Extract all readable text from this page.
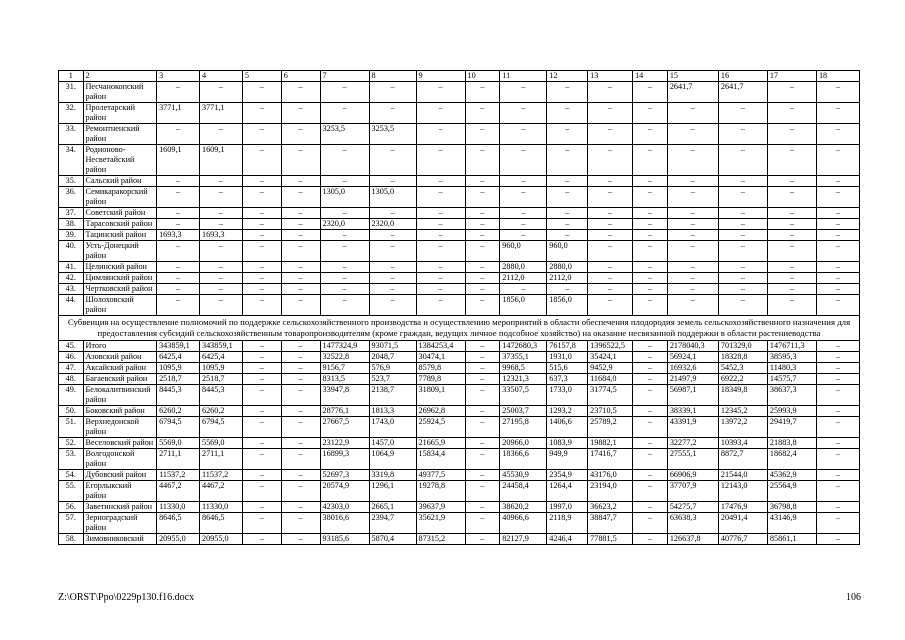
1	2	3	4	5	6	7	8	9	10	11	12	13	14	15	16	17	18
31.	Песчанокопский район	–	–	–	–	–	–	–	–	–	–	–	–	2641,7	2641,7	–	–
32.	Пролетарский район	3771,1	3771,1	–	–	–	–	–	–	–	–	–	–	–	–	–	–
33.	Ремонтненский район	–	–	–	–	3253,5	3253,5	–	–	–	–	–	–	–	–	–	–
34.	Родионово-Несветайский район	1609,1	1609,1	–	–	–	–	–	–	–	–	–	–	–	–	–	–
35.	Сальский район	–	–	–	–	–	–	–	–	–	–	–	–	–	–	–	–
36.	Семикаракорский район	–	–	–	–	1305,0	1305,0	–	–	–	–	–	–	–	–	–	–
37.	Советский район	–	–	–	–	–	–	–	–	–	–	–	–	–	–	–	–
38.	Тарасовский район	–	–	–	–	2320,0	2320,0	–	–	–	–	–	–	–	–	–	–
39.	Тацинский район	1693,3	1693,3	–	–	–	–	–	–	–	–	–	–	–	–	–	–
40.	Усть-Донецкий район	–	–	–	–	–	–	–	–	960,0	960,0	–	–	–	–	–	–
41.	Целинский район	–	–	–	–	–	–	–	–	2880,0	2880,0	–	–	–	–	–	–
42.	Цимлянский район	–	–	–	–	–	–	–	–	2112,0	2112,0	–	–	–	–	–	–
43.	Чертковский район	–	–	–	–	–	–	–	–	–	–	–	–	–	–	–	–
44.	Шолоховский район	–	–	–	–	–	–	–	–	1856,0	1856,0	–	–	–	–	–	–
Субвенция на осуществление полномочий по поддержке сельскохозяйственного производства и осуществлению мероприятий в области обеспечения плодородия земель сельскохозяйственного назначения для предоставления субсидий сельскохозяйственным товаропроизводителям (кроме граждан, ведущих личное подсобное хозяйство) на оказание несвязанной поддержки в области растениеводства																	
45.	Итого	343859,1	343859,1	–	–	1477324,9	93071,5	1384253,4	–	1472680,3	76157,8	1396522,5	–	2178040,3	701329,0	1476711,3	–
46.	Азовский район	6425,4	6425,4	–	–	32522,8	2048,7	30474,1	–	37355,1	1931,0	35424,1	–	56924,1	18328,8	38595,3	–
47.	Аксайский район	1095,9	1095,9	–	–	9156,7	576,9	8579,8	–	9968,5	515,6	9452,9	–	16932,6	5452,3	11480,3	–
48.	Багаевский район	2518,7	2518,7	–	–	8313,5	523,7	7789,8	–	12321,3	637,3	11684,0	–	21497,9	6922,2	14575,7	–
49.	Белокалитвинский район	8445,3	8445,3	–	–	33947,8	2138,7	31809,1	–	33507,5	1733,0	31774,5	–	56987,1	18349,8	38637,3	–
50.	Боковский район	6260,2	6260,2	–	–	28776,1	1813,3	26962,8	–	25003,7	1293,2	23710,5	–	38339,1	12345,2	25993,9	–
51.	Верхнедонской район	6794,5	6794,5	–	–	27667,5	1743,0	25924,5	–	27195,8	1406,6	25789,2	–	43391,9	13972,2	29419,7	–
52.	Веселовский район	5569,0	5569,0	–	–	23122,9	1457,0	21665,9	–	20966,0	1083,9	19882,1	–	32277,2	10393,4	21883,8	–
53.	Волгодонской район	2711,1	2711,1	–	–	16899,3	1064,9	15834,4	–	18366,6	949,9	17416,7	–	27555,1	8872,7	18682,4	–
54.	Дубовский район	11537,2	11537,2	–	–	52697,3	3319,8	49377,5	–	45530,9	2354,9	43176,0	–	66906,9	21544,0	45362,9	–
55.	Егорлыкский район	4467,2	4467,2	–	–	20574,9	1296,1	19278,8	–	24458,4	1264,4	23194,0	–	37707,9	12143,0	25564,9	–
56.	Заветинский район	11330,0	11330,0	–	–	42303,0	2665,1	39637,9	–	38620,2	1997,0	36623,2	–	54275,7	17476,9	36798,8	–
57.	Зерноградский район	8646,5	8646,5	–	–	38016,6	2394,7	35621,9	–	40966,6	2118,9	38847,7	–	63638,3	20491,4	43146,9	–
58.	Зимовниковский	20955,0	20955,0	–	–	93185,6	5870,4	87315,2	–	82127,9	4246,4	77881,5	–	126637,8	40776,7	85861,1	–
Z:\ORST\Ppo\0229p130.f16.docx	106
